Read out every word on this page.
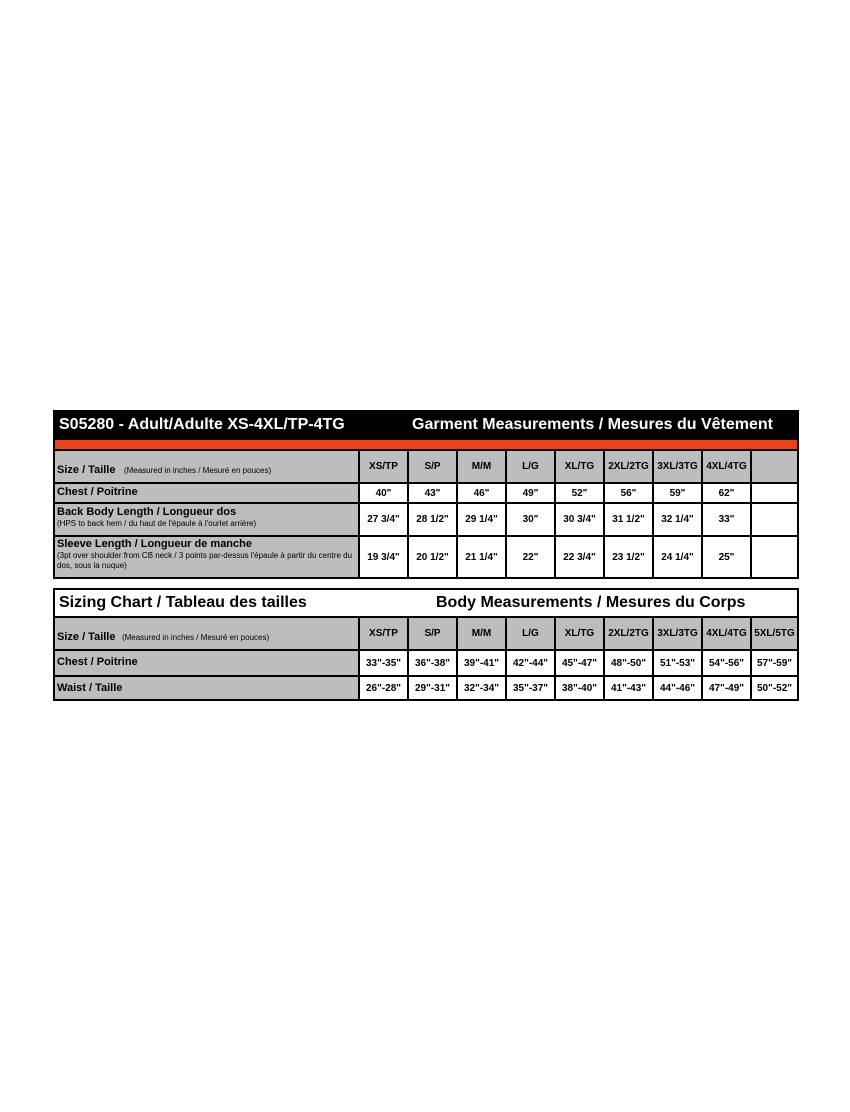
S05280 - Adult/Adulte XS-4XL/TP-4TG	Garment Measurements / Mesures du Vêtement
Size / Taille (Measured in inches / Mesuré en pouces)	XS/TP	S/P	M/M	L/G	XL/TG	2XL/2TG 3XL/3TG 4XL/4TG
Chest / Poitrine	40"	43"	46"	49"	52"	56"	59"	62"
Back Body Length / Longueur dos
(HPS to back hem / du haut de l'épaule à l'ourlet arrière)	27 3/4"	28 1/2"	29 1/4"	30"	30 3/4"	31 1/2"	32 1/4"	33"
Sleeve Length / Longueur de manche
(3pt over shoulder from CB neck / 3 points par-dessus l'épaule à partir du centre du dos, sous la nuque)
19 3/4"	20 1/2"	21 1/4"	22"	22 3/4"	23 1/2"	24 1/4"	25"
Sizing Chart / Tableau des tailles	Body Measurements / Mesures du Corps
Size / Taille (Measured in inches / Mesuré en pouces)	XS/TP	S/P	M/M	L/G	XL/TG	2XL/2TG 3XL/3TG 4XL/4TG 5XL/5TG
Chest / Poitrine	33"-35"	36"-38"	39"-41"	42"-44"	45"-47"	48"-50"	51"-53"	54"-56"	57"-59"
Waist / Taille	26"-28"	29"-31"	32"-34"	35"-37"	38"-40"	41"-43"	44"-46"	47"-49"	50"-52"
